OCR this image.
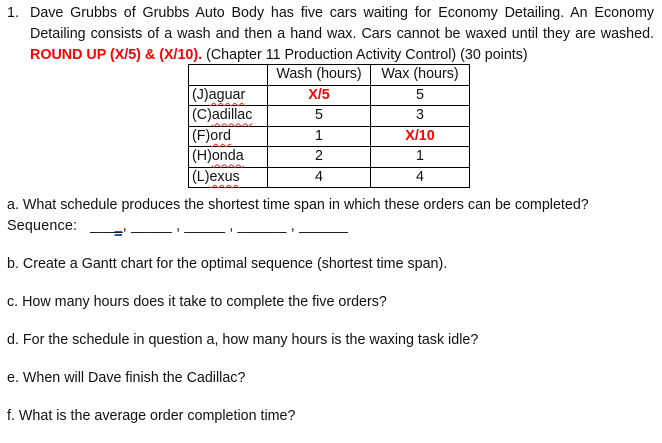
1. Dave Grubbs of Grubbs Auto Body has five cars waiting for Economy Detailing. An Economy Detailing consists of a wash and then a hand wax. Cars cannot be waxed until they are washed. ROUND UP (X/5) & (X/10). (Chapter 11 Production Activity Control) (30 points)

	Wash (hours)	Wax (hours)
(J)aguar	X/5	5
(C)adillac	5	3
(F)ord	1	X/10
(H)onda	2	1
(L)exus	4	4

a. What schedule produces the shortest time span in which these orders can be completed?

Sequence: ____, _____ , _____ , ______ , ______

b. Create a Gantt chart for the optimal sequence (shortest time span).

c. How many hours does it take to complete the five orders?

d. For the schedule in question a, how many hours is the waxing task idle?

e. When will Dave finish the Cadillac?

f. What is the average order completion time?
